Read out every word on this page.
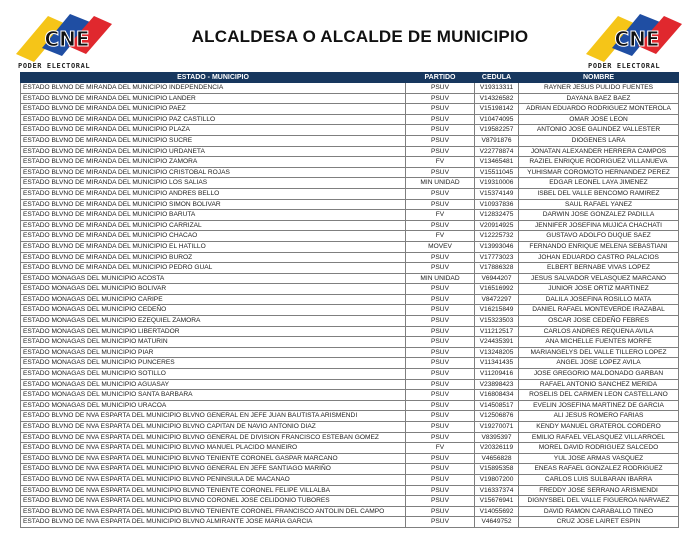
CNE
PODER ELECTORAL
ALCALDESA O ALCALDE DE MUNICIPIO	CNE
PODER ELECTORAL
ESTADO - MUNICIPIO	PARTIDO	CEDULA	NOMBRE
ESTADO BLVNO DE MIRANDA DEL MUNICIPIO INDEPENDENCIA	PSUV	V19313311	RAYNER JESUS PULIDO FUENTES
ESTADO BLVNO DE MIRANDA DEL MUNICIPIO LANDER	PSUV	V14326582	DAYANA BAEZ BAEZ
ESTADO BLVNO DE MIRANDA DEL MUNICIPIO PAEZ	PSUV	V15198142	ADRIAN EDUARDO RODRIGUEZ MONTEROLA
ESTADO BLVNO DE MIRANDA DEL MUNICIPIO PAZ CASTILLO	PSUV	V10474095	OMAR JOSE LEON
ESTADO BLVNO DE MIRANDA DEL MUNICIPIO PLAZA	PSUV	V19582257	ANTONIO JOSE GALINDEZ VALLESTER
ESTADO BLVNO DE MIRANDA DEL MUNICIPIO SUCRE	PSUV	V8791876	DIOGENES LARA
ESTADO BLVNO DE MIRANDA DEL MUNICIPIO URDANETA	PSUV	V22778874	JONATAN ALEXANDER HERRERA CAMPOS
ESTADO BLVNO DE MIRANDA DEL MUNICIPIO ZAMORA	FV	V13465481	RAZIEL ENRIQUE RODRIGUEZ VILLANUEVA
ESTADO BLVNO DE MIRANDA DEL MUNICIPIO CRISTOBAL ROJAS	PSUV	V15511045	YUHISMAR COROMOTO HERNANDEZ PEREZ
ESTADO BLVNO DE MIRANDA DEL MUNICIPIO LOS SALIAS	MIN UNIDAD	V19310006	EDGAR LEONEL LAYA JIMENEZ
ESTADO BLVNO DE MIRANDA DEL MUNICIPIO ANDRES BELLO	PSUV	V15374149	ISBEL DEL VALLE BENCOMO RAMIREZ
ESTADO BLVNO DE MIRANDA DEL MUNICIPIO SIMON BOLIVAR	PSUV	V10937836	SAUL RAFAEL YANEZ
ESTADO BLVNO DE MIRANDA DEL MUNICIPIO BARUTA	FV	V12832475	DARWIN JOSE GONZALEZ PADILLA
ESTADO BLVNO DE MIRANDA DEL MUNICIPIO CARRIZAL	PSUV	V20914925	JENNIFER JOSEFINA MUJICA CHACHATI
ESTADO BLVNO DE MIRANDA DEL MUNICIPIO CHACAO	FV	V12225732	GUSTAVO ADOLFO DUQUE SAEZ
ESTADO BLVNO DE MIRANDA DEL MUNICIPIO EL HATILLO	MOVEV	V13993046	FERNANDO ENRIQUE MELENA SEBASTIANI
ESTADO BLVNO DE MIRANDA DEL MUNICIPIO BUROZ	PSUV	V17773023	JOHAN EDUARDO CASTRO PALACIOS
ESTADO BLVNO DE MIRANDA DEL MUNICIPIO PEDRO GUAL	PSUV	V17886328	ELBERT BERNABE VIVAS LOPEZ
ESTADO MONAGAS DEL MUNICIPIO ACOSTA	MIN UNIDAD	V6944207	JESUS SALVADOR VELASQUEZ MARCANO
ESTADO MONAGAS DEL MUNICIPIO BOLIVAR	PSUV	V16516992	JUNIOR JOSE ORTIZ MARTINEZ
ESTADO MONAGAS DEL MUNICIPIO CARIPE	PSUV	V8472297	DALILA JOSEFINA ROSILLO MATA
ESTADO MONAGAS DEL MUNICIPIO CEDEÑO	PSUV	V16215849	DANIEL RAFAEL MONTEVERDE IRAZABAL
ESTADO MONAGAS DEL MUNICIPIO EZEQUIEL ZAMORA	PSUV	V15323503	OSCAR JOSE CEDEÑO FEBRES
ESTADO MONAGAS DEL MUNICIPIO LIBERTADOR	PSUV	V11212517	CARLOS ANDRES REQUENA AVILA
ESTADO MONAGAS DEL MUNICIPIO MATURIN	PSUV	V24435391	ANA MICHELLE FUENTES MORFE
ESTADO MONAGAS DEL MUNICIPIO PIAR	PSUV	V13248205	MARIANGELYS DEL VALLE TILLERO LOPEZ
ESTADO MONAGAS DEL MUNICIPIO PUNCERES	PSUV	V11341435	ANGEL JOSE LOPEZ AVILA
ESTADO MONAGAS DEL MUNICIPIO SOTILLO	PSUV	V11209416	JOSE GREGORIO MALDONADO GARBAN
ESTADO MONAGAS DEL MUNICIPIO AGUASAY	PSUV	V23898423	RAFAEL ANTONIO SANCHEZ MERIDA
ESTADO MONAGAS DEL MUNICIPIO SANTA BARBARA	PSUV	V16808434	ROSELIS DEL CARMEN LEON CASTELLANO
ESTADO MONAGAS DEL MUNICIPIO URACOA	PSUV	V14508517	EVELIN JOSEFINA MARTINEZ DE GARCIA
ESTADO BLVNO DE NVA ESPARTA DEL MUNICIPIO BLVNO GENERAL EN JEFE JUAN BAUTISTA ARISMENDI	PSUV	V12506876	ALI JESUS ROMERO FARIAS
ESTADO BLVNO DE NVA ESPARTA DEL MUNICIPIO BLVNO CAPITAN DE NAVIO ANTONIO DIAZ	PSUV	V19270071	KENDY MANUEL GRATEROL CORDERO
ESTADO BLVNO DE NVA ESPARTA DEL MUNICIPIO BLVNO GENERAL DE DIVISION FRANCISCO ESTEBAN GOMEZ	PSUV	V8395397	EMILIO RAFAEL VELASQUEZ VILLARROEL
ESTADO BLVNO DE NVA ESPARTA DEL MUNICIPIO BLVNO MANUEL PLACIDO MANEIRO	FV	V20326119	MOREL DAVID RODRIGUEZ SALCEDO
ESTADO BLVNO DE NVA ESPARTA DEL MUNICIPIO BLVNO TENIENTE CORONEL GASPAR MARCANO	PSUV	V4656828	YUL JOSE ARMAS VASQUEZ
ESTADO BLVNO DE NVA ESPARTA DEL MUNICIPIO BLVNO GENERAL EN JEFE SANTIAGO MARIÑO	PSUV	V15895358	ENEAS RAFAEL GONZALEZ RODRIGUEZ
ESTADO BLVNO DE NVA ESPARTA DEL MUNICIPIO BLVNO PENINSULA DE MACANAO	PSUV	V19807200	CARLOS LUIS SULBARAN IBARRA
ESTADO BLVNO DE NVA ESPARTA DEL MUNICIPIO BLVNO TENIENTE CORONEL FELIPE VILLALBA	PSUV	V16337374	FREDDY JOSE SERRANO ARISMENDI
ESTADO BLVNO DE NVA ESPARTA DEL MUNICIPIO BLVNO CORONEL JOSE CELIDONIO TUBORES	PSUV	V15676941	DIGNYSBEL DEL VALLE FIGUEROA NARVAEZ
ESTADO BLVNO DE NVA ESPARTA DEL MUNICIPIO BLVNO TENIENTE CORONEL FRANCISCO ANTOLIN DEL CAMPO	PSUV	V14055692	DAVID RAMON CARABALLO TINEO
ESTADO BLVNO DE NVA ESPARTA DEL MUNICIPIO BLVNO ALMIRANTE JOSE MARIA GARCIA	PSUV	V4649752	CRUZ JOSE LAIRET ESPIN
